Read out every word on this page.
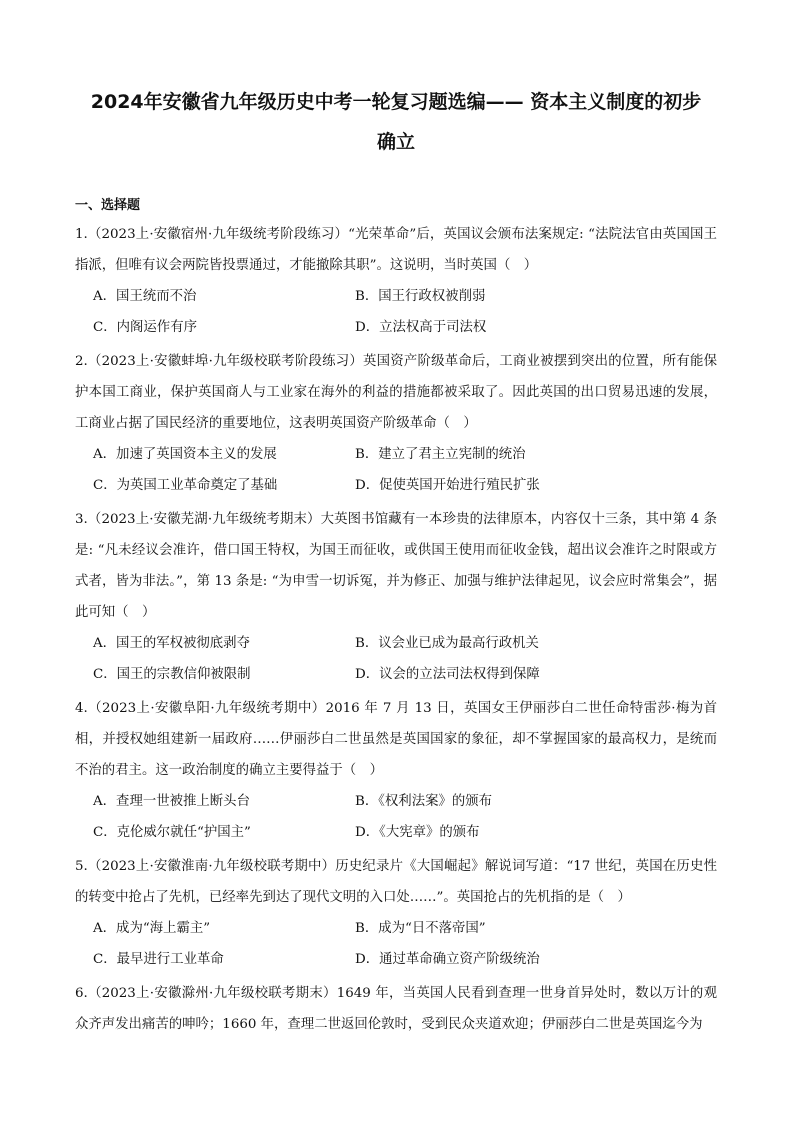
2024年安徽省九年级历史中考一轮复习题选编—— 资本主义制度的初步
确立
一、选择题

1.（2023上·安徽宿州·九年级统考阶段练习）“光荣革命”后，英国议会颁布法案规定: “法院法官由英国国王指派，但唯有议会两院皆投票通过，才能撤除其职”。这说明，当时英国（　）

A．国王统而不治	B．国王行政权被削弱
C．内阁运作有序	D．立法权高于司法权

2.（2023上·安徽蚌埠·九年级校联考阶段练习）英国资产阶级革命后，工商业被摆到突出的位置，所有能保护本国工商业，保护英国商人与工业家在海外的利益的措施都被采取了。因此英国的出口贸易迅速的发展，工商业占据了国民经济的重要地位，这表明英国资产阶级革命（　）

A．加速了英国资本主义的发展	B．建立了君主立宪制的统治
C．为英国工业革命奠定了基础	D．促使英国开始进行殖民扩张

3.（2023上·安徽芜湖·九年级统考期末）大英图书馆藏有一本珍贵的法律原本，内容仅十三条，其中第 4 条是: “凡未经议会准许，借口国王特权，为国王而征收，或供国王使用而征收金钱，超出议会准许之时限或方式者，皆为非法。”，第 13 条是: “为申雪一切诉冤，并为修正、加强与维护法律起见，议会应时常集会”，据此可知（　）

A．国王的军权被彻底剥夺	B．议会业已成为最高行政机关
C．国王的宗教信仰被限制	D．议会的立法司法权得到保障

4.（2023上·安徽阜阳·九年级统考期中）2016 年 7 月 13 日，英国女王伊丽莎白二世任命特雷莎·梅为首相，并授权她组建新一届政府……伊丽莎白二世虽然是英国国家的象征，却不掌握国家的最高权力，是统而不治的君主。这一政治制度的确立主要得益于（　）

A．查理一世被推上断头台	B．《权利法案》的颁布
C．克伦威尔就任“护国主”	D．《大宪章》的颁布

5.（2023上·安徽淮南·九年级校联考期中）历史纪录片《大国崛起》解说词写道：“17 世纪，英国在历史性的转变中抢占了先机，已经率先到达了现代文明的入口处……”。英国抢占的先机指的是（　）

A．成为“海上霸主”	B．成为“日不落帝国”
C．最早进行工业革命	D．通过革命确立资产阶级统治

6.（2023上·安徽滁州·九年级校联考期末）1649 年，当英国人民看到查理一世身首异处时，数以万计的观众齐声发出痛苦的呻吟；1660 年，查理二世返回伦敦时，受到民众夹道欢迎；伊丽莎白二世是英国迄今为
